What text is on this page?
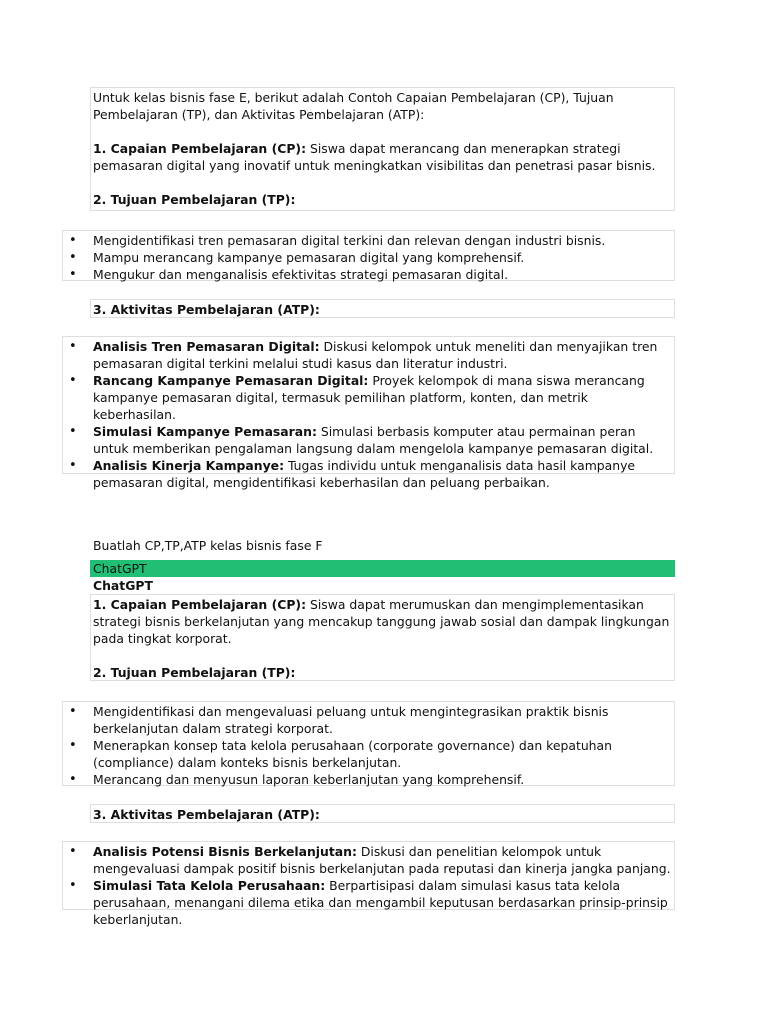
Untuk kelas bisnis fase E, berikut adalah Contoh Capaian Pembelajaran (CP), Tujuan Pembelajaran (TP), dan Aktivitas Pembelajaran (ATP):

1. Capaian Pembelajaran (CP): Siswa dapat merancang dan menerapkan strategi pemasaran digital yang inovatif untuk meningkatkan visibilitas dan penetrasi pasar bisnis.

2. Tujuan Pembelajaran (TP):

• Mengidentifikasi tren pemasaran digital terkini dan relevan dengan industri bisnis.
• Mampu merancang kampanye pemasaran digital yang komprehensif.
• Mengukur dan menganalisis efektivitas strategi pemasaran digital.

3. Aktivitas Pembelajaran (ATP):

• Analisis Tren Pemasaran Digital: Diskusi kelompok untuk meneliti dan menyajikan tren pemasaran digital terkini melalui studi kasus dan literatur industri.
• Rancang Kampanye Pemasaran Digital: Proyek kelompok di mana siswa merancang kampanye pemasaran digital, termasuk pemilihan platform, konten, dan metrik keberhasilan.
• Simulasi Kampanye Pemasaran: Simulasi berbasis komputer atau permainan peran untuk memberikan pengalaman langsung dalam mengelola kampanye pemasaran digital.
• Analisis Kinerja Kampanye: Tugas individu untuk menganalisis data hasil kampanye pemasaran digital, mengidentifikasi keberhasilan dan peluang perbaikan.
Buatlah CP,TP,ATP kelas bisnis fase F
ChatGPT
ChatGPT

1. Capaian Pembelajaran (CP): Siswa dapat merumuskan dan mengimplementasikan strategi bisnis berkelanjutan yang mencakup tanggung jawab sosial dan dampak lingkungan pada tingkat korporat.

2. Tujuan Pembelajaran (TP):

• Mengidentifikasi dan mengevaluasi peluang untuk mengintegrasikan praktik bisnis berkelanjutan dalam strategi korporat.
• Menerapkan konsep tata kelola perusahaan (corporate governance) dan kepatuhan (compliance) dalam konteks bisnis berkelanjutan.
• Merancang dan menyusun laporan keberlanjutan yang komprehensif.

3. Aktivitas Pembelajaran (ATP):

• Analisis Potensi Bisnis Berkelanjutan: Diskusi dan penelitian kelompok untuk mengevaluasi dampak positif bisnis berkelanjutan pada reputasi dan kinerja jangka panjang.
• Simulasi Tata Kelola Perusahaan: Berpartisipasi dalam simulasi kasus tata kelola perusahaan, menangani dilema etika dan mengambil keputusan berdasarkan prinsip-prinsip keberlanjutan.
